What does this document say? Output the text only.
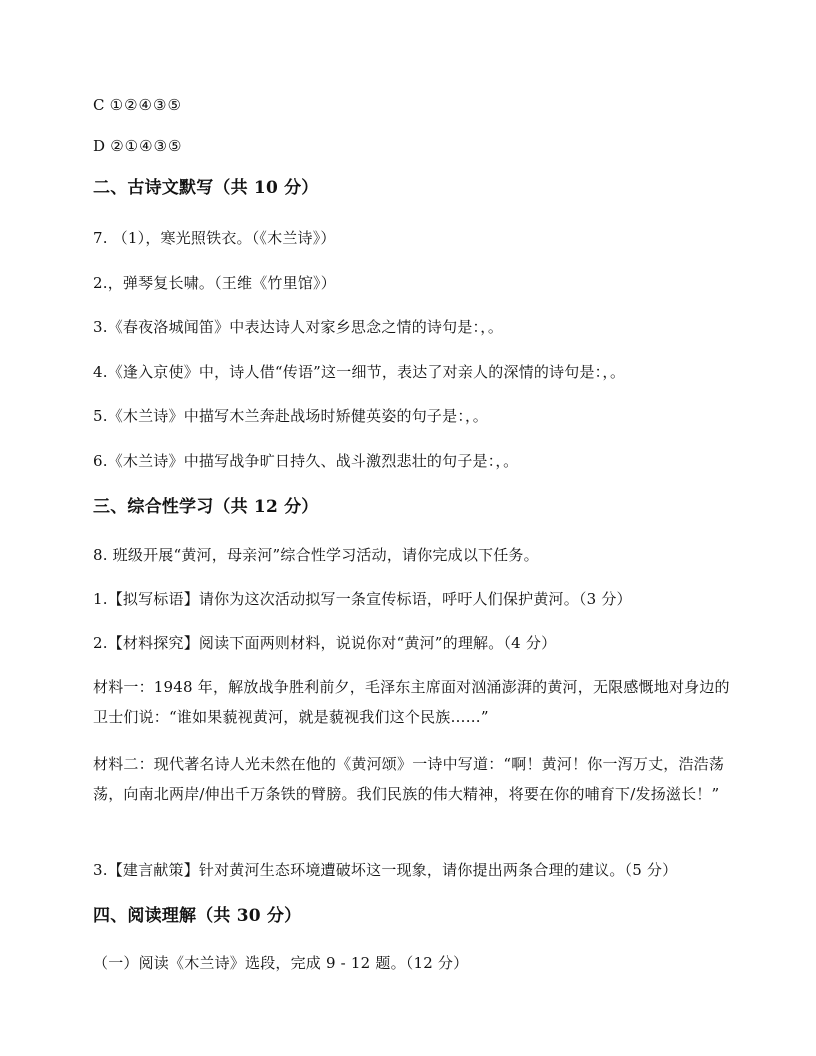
C ①②④③⑤
D ②①④③⑤
二、古诗文默写（共 10 分）
7. （1），寒光照铁衣。（《木兰诗》）
2.，弹琴复长啸。（王维《竹里馆》）
3.《春夜洛城闻笛》中表达诗人对家乡思念之情的诗句是：，。
4.《逢入京使》中，诗人借“传语”这一细节，表达了对亲人的深情的诗句是：，。
5.《木兰诗》中描写木兰奔赴战场时矫健英姿的句子是：，。
6.《木兰诗》中描写战争旷日持久、战斗激烈悲壮的句子是：，。
三、综合性学习（共 12 分）
8. 班级开展“黄河，母亲河”综合性学习活动，请你完成以下任务。
1.【拟写标语】请你为这次活动拟写一条宣传标语，呼吁人们保护黄河。（3 分）
2.【材料探究】阅读下面两则材料，说说你对“黄河”的理解。（4 分）
材料一：1948 年，解放战争胜利前夕，毛泽东主席面对汹涌澎湃的黄河，无限感慨地对身边的卫士们说：“谁如果藐视黄河，就是藐视我们这个民族……”
材料二：现代著名诗人光未然在他的《黄河颂》一诗中写道：“啊！黄河！你一泻万丈，浩浩荡荡，向南北两岸/伸出千万条铁的臂膀。我们民族的伟大精神，将要在你的哺育下/发扬滋长！”
3.【建言献策】针对黄河生态环境遭破坏这一现象，请你提出两条合理的建议。（5 分）
四、阅读理解（共 30 分）
（一）阅读《木兰诗》选段，完成 9 - 12 题。（12 分）
